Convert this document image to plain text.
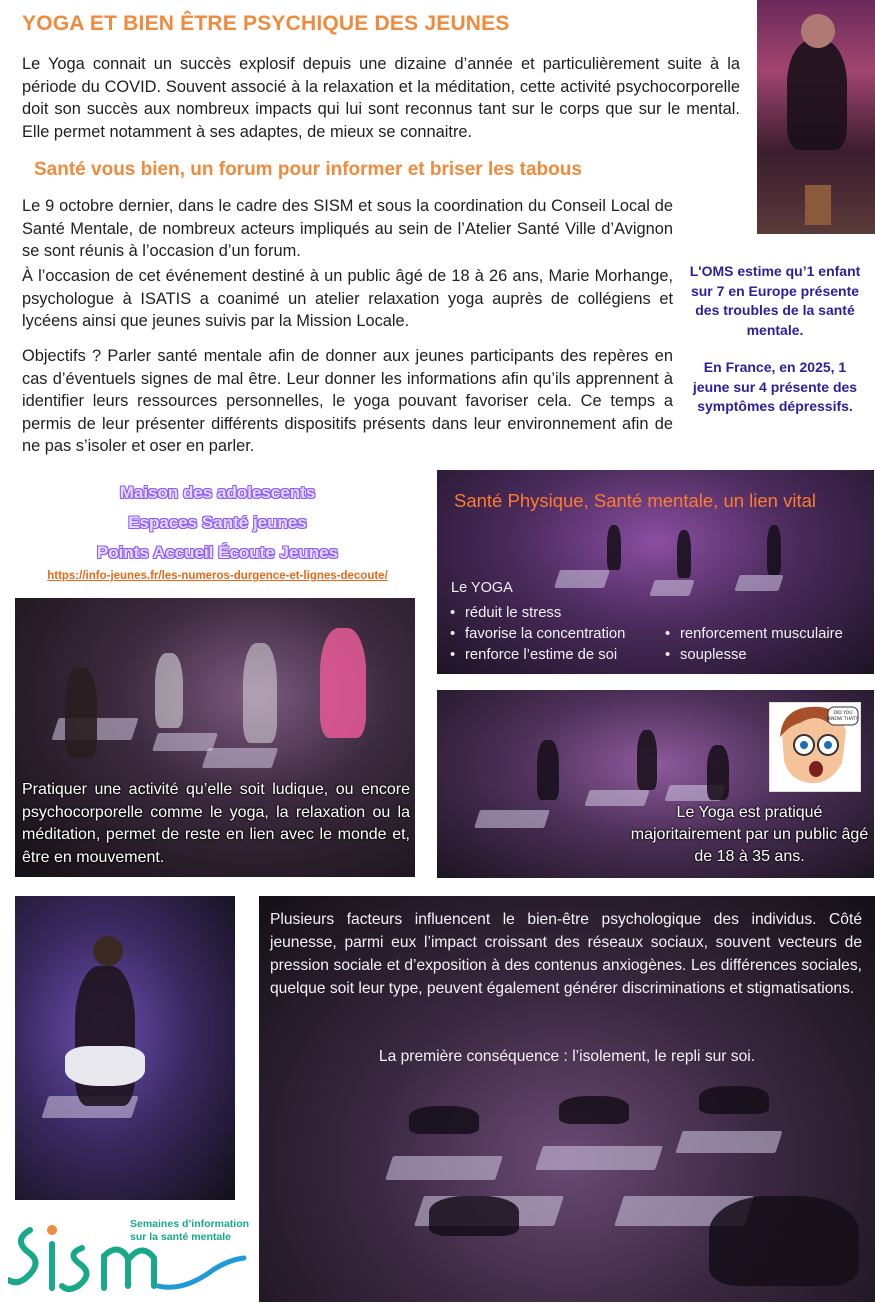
YOGA ET BIEN ÊTRE PSYCHIQUE DES JEUNES
Le Yoga connait un succès explosif depuis une dizaine d’année et particulièrement suite à la période du COVID. Souvent associé à la relaxation et la méditation, cette activité psychocorporelle doit son succès aux nombreux impacts qui lui sont reconnus tant sur le corps que sur le mental. Elle permet notamment à ses adaptes, de mieux se connaitre.
Santé vous bien, un forum pour informer et briser les tabous
Le 9 octobre dernier, dans le cadre des SISM et sous la coordination du Conseil Local de Santé Mentale, de nombreux acteurs impliqués au sein de l’Atelier Santé Ville d’Avignon se sont réunis à l’occasion d’un forum.
À l’occasion de cet événement destiné à un public âgé de 18 à 26 ans, Marie Morhange, psychologue à ISATIS a coanimé un atelier relaxation yoga auprès de collégiens et lycéens ainsi que jeunes suivis par la Mission Locale.
Objectifs ? Parler santé mentale afin de donner aux jeunes participants des repères en cas d’éventuels signes de mal être. Leur donner les informations afin qu’ils apprennent à identifier leurs ressources personnelles, le yoga pouvant favoriser cela. Ce temps a permis de leur présenter différents dispositifs présents dans leur environnement afin de ne pas s’isoler et oser en parler.

L'OMS estime qu’1 enfant sur 7 en Europe présente des troubles de la santé mentale.

En France, en 2025, 1 jeune sur 4 présente des symptômes dépressifs.

Maison des adolescents
Espaces Santé jeunes
Points Accueil Écoute Jeunes
https://info-jeunes.fr/les-numeros-durgence-et-lignes-decoute/
Santé Physique, Santé mentale, un lien vital
Le YOGA
• réduit le stress
• favorise la concentration
• renforce l’estime de soi
• renforcement musculaire
• souplesse
Pratiquer une activité qu’elle soit ludique, ou encore psychocorporelle comme le yoga, la relaxation ou la méditation, permet de reste en lien avec le monde et, être en mouvement.
DID YOU
KNOW THAT?
Le Yoga est pratiqué majoritairement par un public âgé de 18 à 35 ans.
Plusieurs facteurs influencent le bien-être psychologique des individus. Côté jeunesse, parmi eux l’impact croissant des réseaux sociaux, souvent vecteurs de pression sociale et d’exposition à des contenus anxiogènes. Les différences sociales, quelque soit leur type, peuvent également générer discriminations et stigmatisations.
La première conséquence : l’isolement, le repli sur soi.
Semaines d’information sur la santé mentale
